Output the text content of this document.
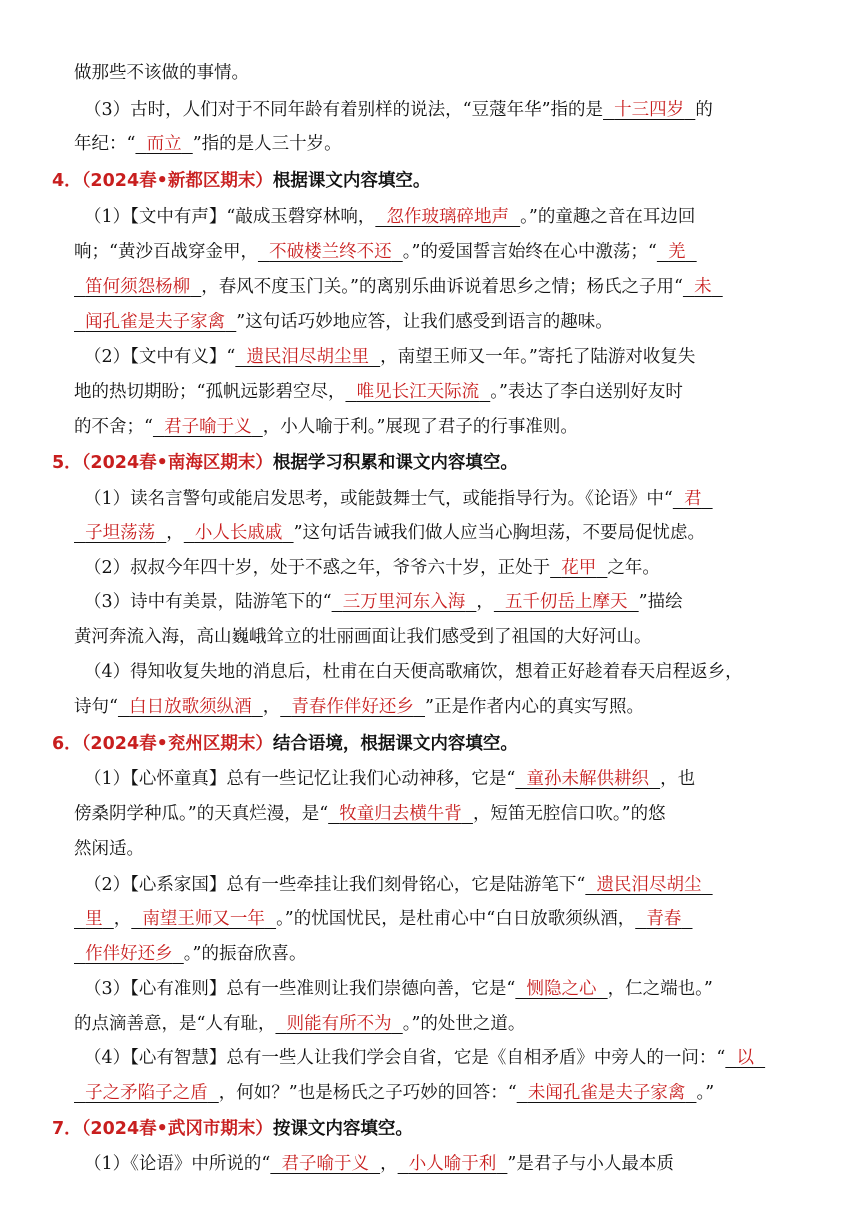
做那些不该做的事情。
（3）古时，人们对于不同年龄有着别样的说法，“豆蔻年华”指的是 十三四岁 的
年纪：“ 而立 ”指的是人三十岁。
4．（2024春•新都区期末）根据课文内容填空。
（1）【文中有声】“敲成玉磬穿林响， 忽作玻璃碎地声 。”的童趣之音在耳边回
响；“黄沙百战穿金甲， 不破楼兰终不还 。”的爱国誓言始终在心中激荡；“ 羌
笛何须怨杨柳 ，春风不度玉门关。”的离别乐曲诉说着思乡之情；杨氏之子用“ 未
闻孔雀是夫子家禽 ”这句话巧妙地应答，让我们感受到语言的趣味。
（2）【文中有义】“ 遗民泪尽胡尘里 ，南望王师又一年。”寄托了陆游对收复失
地的热切期盼；“孤帆远影碧空尽， 唯见长江天际流 。”表达了李白送别好友时
的不舍；“ 君子喻于义 ，小人喻于利。”展现了君子的行事准则。
5．（2024春•南海区期末）根据学习积累和课文内容填空。
（1）读名言警句或能启发思考，或能鼓舞士气，或能指导行为。《论语》中“ 君
子坦荡荡 ， 小人长戚戚 ”这句话告诫我们做人应当心胸坦荡，不要局促忧虑。
（2）叔叔今年四十岁，处于不惑之年，爷爷六十岁，正处于 花甲 之年。
（3）诗中有美景，陆游笔下的“ 三万里河东入海 ， 五千仞岳上摩天 ”描绘
黄河奔流入海，高山巍峨耸立的壮丽画面让我们感受到了祖国的大好河山。
（4）得知收复失地的消息后，杜甫在白天便高歌痛饮，想着正好趁着春天启程返乡，
诗句“ 白日放歌须纵酒 ， 青春作伴好还乡 ”正是作者内心的真实写照。
6．（2024春•兖州区期末）结合语境，根据课文内容填空。
（1）【心怀童真】总有一些记忆让我们心动神移，它是“ 童孙未解供耕织 ，也
傍桑阴学种瓜。”的天真烂漫，是“ 牧童归去横牛背 ，短笛无腔信口吹。”的悠
然闲适。
（2）【心系家国】总有一些牵挂让我们刻骨铭心，它是陆游笔下“ 遗民泪尽胡尘
里 ， 南望王师又一年 。”的忧国忧民，是杜甫心中“白日放歌须纵酒， 青春
作伴好还乡 。”的振奋欣喜。
（3）【心有准则】总有一些准则让我们崇德向善，它是“ 恻隐之心 ，仁之端也。”
的点滴善意，是“人有耻， 则能有所不为 。”的处世之道。
（4）【心有智慧】总有一些人让我们学会自省，它是《自相矛盾》中旁人的一问：“ 以
子之矛陷子之盾 ，何如？”也是杨氏之子巧妙的回答：“ 未闻孔雀是夫子家禽 。”
7．（2024春•武冈市期末）按课文内容填空。
（1）《论语》中所说的“ 君子喻于义 ， 小人喻于利 ”是君子与小人最本质
